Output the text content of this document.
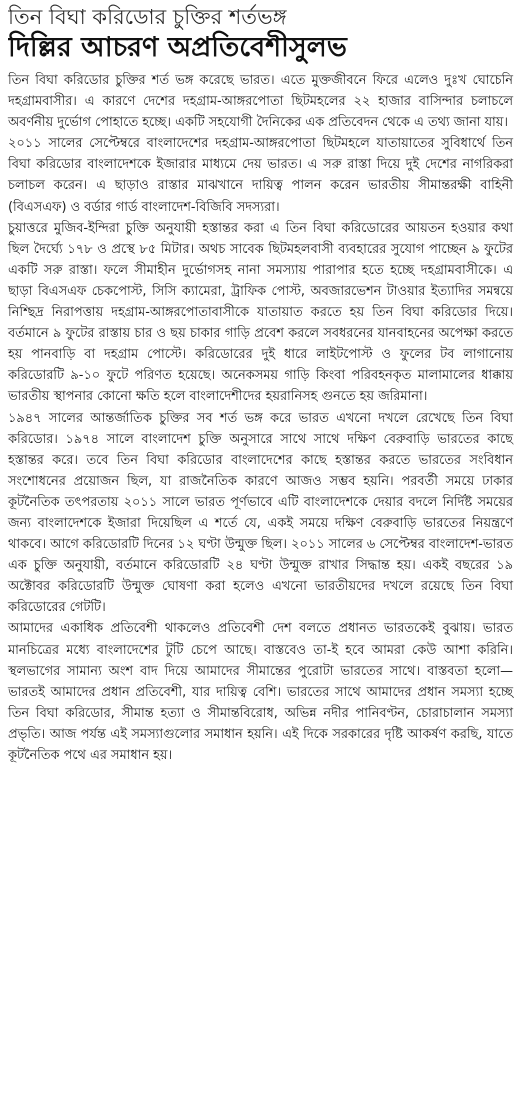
তিন বিঘা করিডোর চুক্তির শর্তভঙ্গ
দিল্লির আচরণ অপ্রতিবেশীসুলভ

তিন বিঘা করিডোর চুক্তির শর্ত ভঙ্গ করেছে ভারত। এতে মুক্তজীবনে ফিরে এলেও দুঃখ ঘোচেনি দহগ্রামবাসীর। এ কারণে দেশের দহগ্রাম-আঙ্গরপোতা ছিটমহলের ২২ হাজার বাসিন্দার চলাচলে অবর্ণনীয় দুর্ভোগ পোহাতে হচ্ছে। একটি সহযোগী দৈনিকের এক প্রতিবেদন থেকে এ তথ্য জানা যায়।

২০১১ সালের সেপ্টেম্বরে বাংলাদেশের দহগ্রাম-আঙ্গরপোতা ছিটমহলে যাতায়াতের সুবিধার্থে তিন বিঘা করিডোর বাংলাদেশকে ইজারার মাধ্যমে দেয় ভারত। এ সরু রাস্তা দিয়ে দুই দেশের নাগরিকরা চলাচল করেন। এ ছাড়াও রাস্তার মাঝখানে দায়িত্ব পালন করেন ভারতীয় সীমান্তরক্ষী বাহিনী (বিএসএফ) ও বর্ডার গার্ড বাংলাদেশ-বিজিবি সদস্যরা।

চুয়াত্তরে মুজিব-ইন্দিরা চুক্তি অনুযায়ী হস্তান্তর করা এ তিন বিঘা করিডোরের আয়তন হওয়ার কথা ছিল দৈর্ঘ্যে ১৭৮ ও প্রস্থে ৮৫ মিটার। অথচ সাবেক ছিটমহলবাসী ব্যবহারের সুযোগ পাচ্ছেন ৯ ফুটের একটি সরু রাস্তা। ফলে সীমাহীন দুর্ভোগসহ নানা সমস্যায় পারাপার হতে হচ্ছে দহগ্রামবাসীকে। এ ছাড়া বিএসএফ চেকপোস্ট, সিসি ক্যামেরা, ট্রাফিক পোস্ট, অবজারভেশন টাওয়ার ইত্যাদির সমন্বয়ে নিশ্ছিদ্র নিরাপত্তায় দহগ্রাম-আঙ্গরপোতাবাসীকে যাতায়াত করতে হয় তিন বিঘা করিডোর দিয়ে। বর্তমানে ৯ ফুটের রাস্তায় চার ও ছয় চাকার গাড়ি প্রবেশ করলে সবধরনের যানবাহনের অপেক্ষা করতে হয় পানবাড়ি বা দহগ্রাম পোস্টে। করিডোরের দুই ধারে লাইটপোস্ট ও ফুলের টব লাগানোয় করিডোরটি ৯-১০ ফুটে পরিণত হয়েছে। অনেকসময় গাড়ি কিংবা পরিবহনকৃত মালামালের ধাক্কায় ভারতীয় স্থাপনার কোনো ক্ষতি হলে বাংলাদেশীদের হয়রানিসহ গুনতে হয় জরিমানা।

১৯৪৭ সালের আন্তর্জাতিক চুক্তির সব শর্ত ভঙ্গ করে ভারত এখনো দখলে রেখেছে তিন বিঘা করিডোর। ১৯৭৪ সালে বাংলাদেশ চুক্তি অনুসারে সাথে সাথে দক্ষিণ বেরুবাড়ি ভারতের কাছে হস্তান্তর করে। তবে তিন বিঘা করিডোর বাংলাদেশের কাছে হস্তান্তর করতে ভারতের সংবিধান সংশোধনের প্রয়োজন ছিল, যা রাজনৈতিক কারণে আজও সম্ভব হয়নি। পরবর্তী সময়ে ঢাকার কূটনৈতিক তৎপরতায় ২০১১ সালে ভারত পূর্ণভাবে এটি বাংলাদেশকে দেয়ার বদলে নির্দিষ্ট সময়ের জন্য বাংলাদেশকে ইজারা দিয়েছিল এ শর্তে যে, একই সময়ে দক্ষিণ বেরুবাড়ি ভারতের নিয়ন্ত্রণে থাকবে। আগে করিডোরটি দিনের ১২ ঘণ্টা উন্মুক্ত ছিল। ২০১১ সালের ৬ সেপ্টেম্বর বাংলাদেশ-ভারত এক চুক্তি অনুযায়ী, বর্তমানে করিডোরটি ২৪ ঘণ্টা উন্মুক্ত রাখার সিদ্ধান্ত হয়। একই বছরের ১৯ অক্টোবর করিডোরটি উন্মুক্ত ঘোষণা করা হলেও এখনো ভারতীয়দের দখলে রয়েছে তিন বিঘা করিডোরের গেটটি।

আমাদের একাধিক প্রতিবেশী থাকলেও প্রতিবেশী দেশ বলতে প্রধানত ভারতকেই বুঝায়। ভারত মানচিত্রের মধ্যে বাংলাদেশের টুটি চেপে আছে। বাস্তবেও তা-ই হবে আমরা কেউ আশা করিনি। স্থলভাগের সামান্য অংশ বাদ দিয়ে আমাদের সীমান্তের পুরোটা ভারতের সাথে। বাস্তবতা হলো— ভারতই আমাদের প্রধান প্রতিবেশী, যার দায়িত্ব বেশি। ভারতের সাথে আমাদের প্রধান সমস্যা হচ্ছে তিন বিঘা করিডোর, সীমান্ত হত্যা ও সীমান্তবিরোধ, অভিন্ন নদীর পানিবণ্টন, চোরাচালান সমস্যা প্রভৃতি। আজ পর্যন্ত এই সমস্যাগুলোর সমাধান হয়নি। এই দিকে সরকারের দৃষ্টি আকর্ষণ করছি, যাতে কূটনৈতিক পথে এর সমাধান হয়।
